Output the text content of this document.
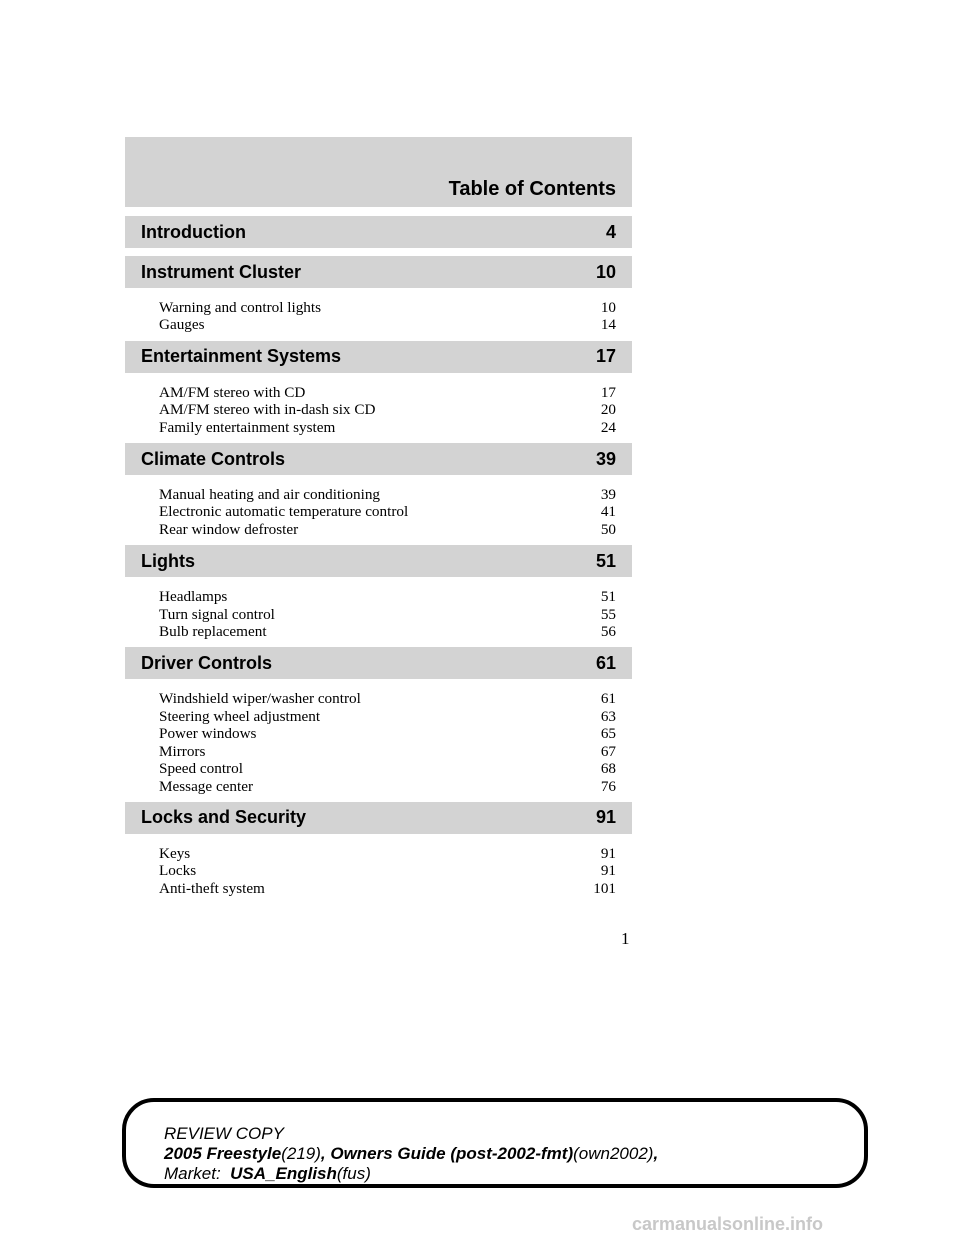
Table of Contents
Introduction	4
Instrument Cluster	10
Warning and control lights	10
Gauges	14
Entertainment Systems	17
AM/FM stereo with CD	17
AM/FM stereo with in-dash six CD	20
Family entertainment system	24
Climate Controls	39
Manual heating and air conditioning	39
Electronic automatic temperature control	41
Rear window defroster	50
Lights	51
Headlamps	51
Turn signal control	55
Bulb replacement	56
Driver Controls	61
Windshield wiper/washer control	61
Steering wheel adjustment	63
Power windows	65
Mirrors	67
Speed control	68
Message center	76
Locks and Security	91
Keys	91
Locks	91
Anti-theft system	101
1
REVIEW COPY
2005 Freestyle(219), Owners Guide (post-2002-fmt)(own2002),
Market: USA_English(fus)
carmanualsonline.info
